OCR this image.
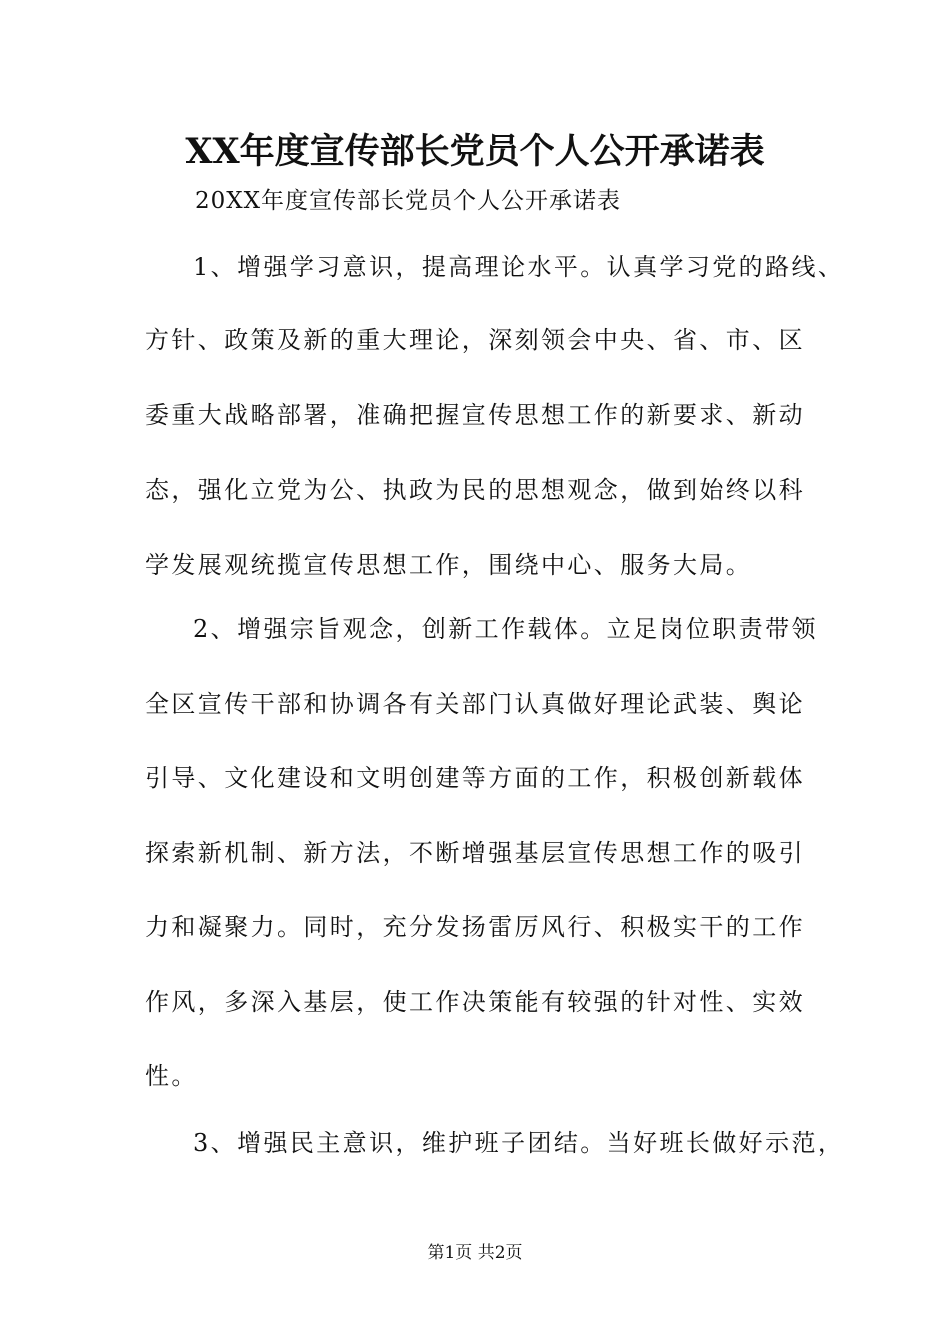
XX年度宣传部长党员个人公开承诺表
20XX年度宣传部长党员个人公开承诺表
1、增强学习意识，提高理论水平。认真学习党的路线、
方针、政策及新的重大理论，深刻领会中央、省、市、区
委重大战略部署，准确把握宣传思想工作的新要求、新动
态，强化立党为公、执政为民的思想观念，做到始终以科
学发展观统揽宣传思想工作，围绕中心、服务大局。
2、增强宗旨观念，创新工作载体。立足岗位职责带领
全区宣传干部和协调各有关部门认真做好理论武装、舆论
引导、文化建设和文明创建等方面的工作，积极创新载体
探索新机制、新方法，不断增强基层宣传思想工作的吸引
力和凝聚力。同时，充分发扬雷厉风行、积极实干的工作
作风，多深入基层，使工作决策能有较强的针对性、实效
性。
3、增强民主意识，维护班子团结。当好班长做好示范，
第1页 共2页
